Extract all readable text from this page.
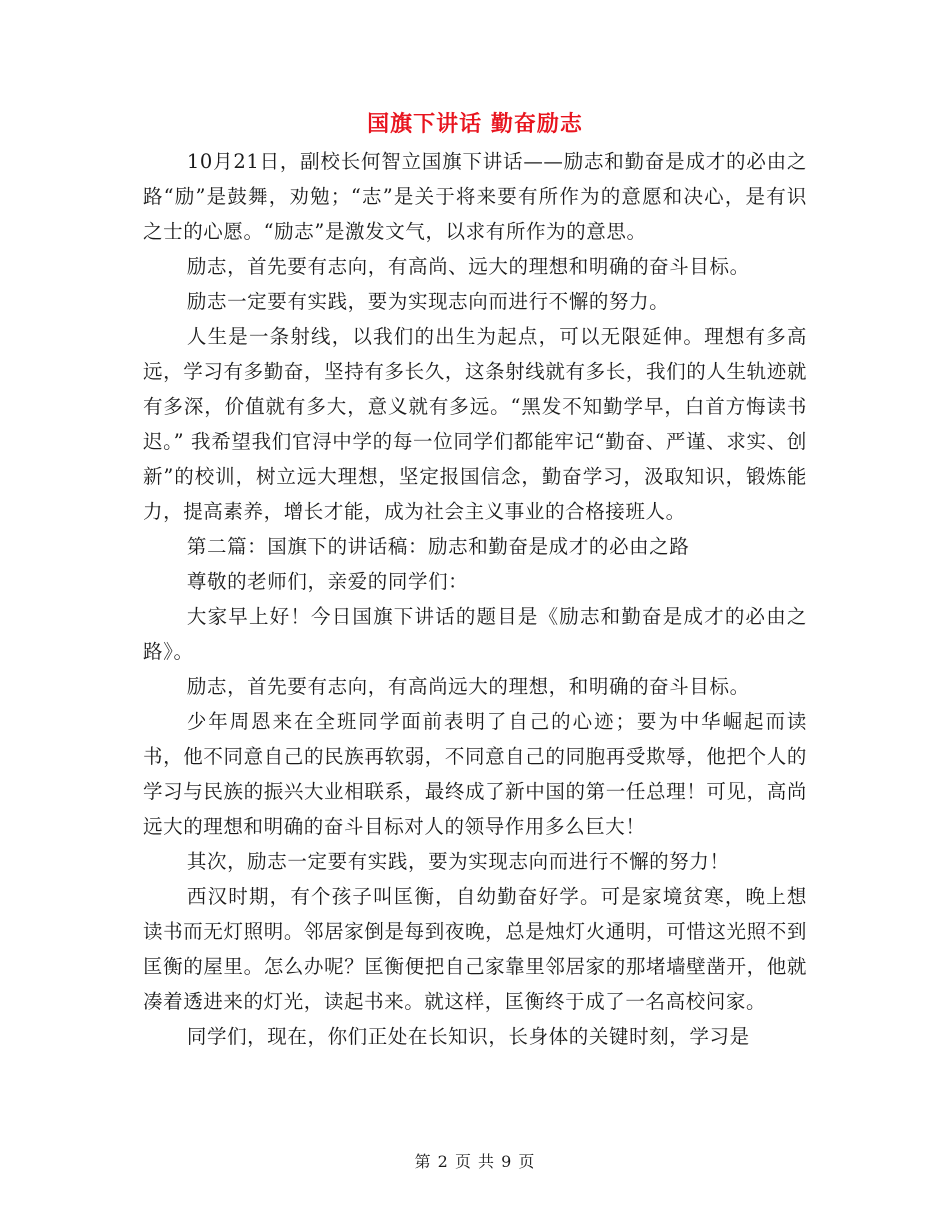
国旗下讲话 勤奋励志

10月21日，副校长何智立国旗下讲话——励志和勤奋是成才的必由之路“励”是鼓舞，劝勉；“志”是关于将来要有所作为的意愿和决心，是有识之士的心愿。“励志”是激发文气，以求有所作为的意思。

励志，首先要有志向，有高尚、远大的理想和明确的奋斗目标。

励志一定要有实践，要为实现志向而进行不懈的努力。

人生是一条射线，以我们的出生为起点，可以无限延伸。理想有多高远，学习有多勤奋，坚持有多长久，这条射线就有多长，我们的人生轨迹就有多深，价值就有多大，意义就有多远。“黑发不知勤学早，白首方悔读书迟。” 我希望我们官浔中学的每一位同学们都能牢记“勤奋、严谨、求实、创新”的校训，树立远大理想，坚定报国信念，勤奋学习，汲取知识，锻炼能力，提高素养，增长才能，成为社会主义事业的合格接班人。

第二篇：国旗下的讲话稿：励志和勤奋是成才的必由之路

尊敬的老师们，亲爱的同学们：

大家早上好！今日国旗下讲话的题目是《励志和勤奋是成才的必由之路》。

励志，首先要有志向，有高尚远大的理想，和明确的奋斗目标。

少年周恩来在全班同学面前表明了自己的心迹；要为中华崛起而读书，他不同意自己的民族再软弱，不同意自己的同胞再受欺辱，他把个人的学习与民族的振兴大业相联系，最终成了新中国的第一任总理！可见，高尚远大的理想和明确的奋斗目标对人的领导作用多么巨大！

其次，励志一定要有实践，要为实现志向而进行不懈的努力！

西汉时期，有个孩子叫匡衡，自幼勤奋好学。可是家境贫寒，晚上想读书而无灯照明。邻居家倒是每到夜晚，总是烛灯火通明，可惜这光照不到匡衡的屋里。怎么办呢？匡衡便把自己家靠里邻居家的那堵墙壁凿开，他就凑着透进来的灯光，读起书来。就这样，匡衡终于成了一名高校问家。

同学们，现在，你们正处在长知识，长身体的关键时刻，学习是

第 2 页 共 9 页
